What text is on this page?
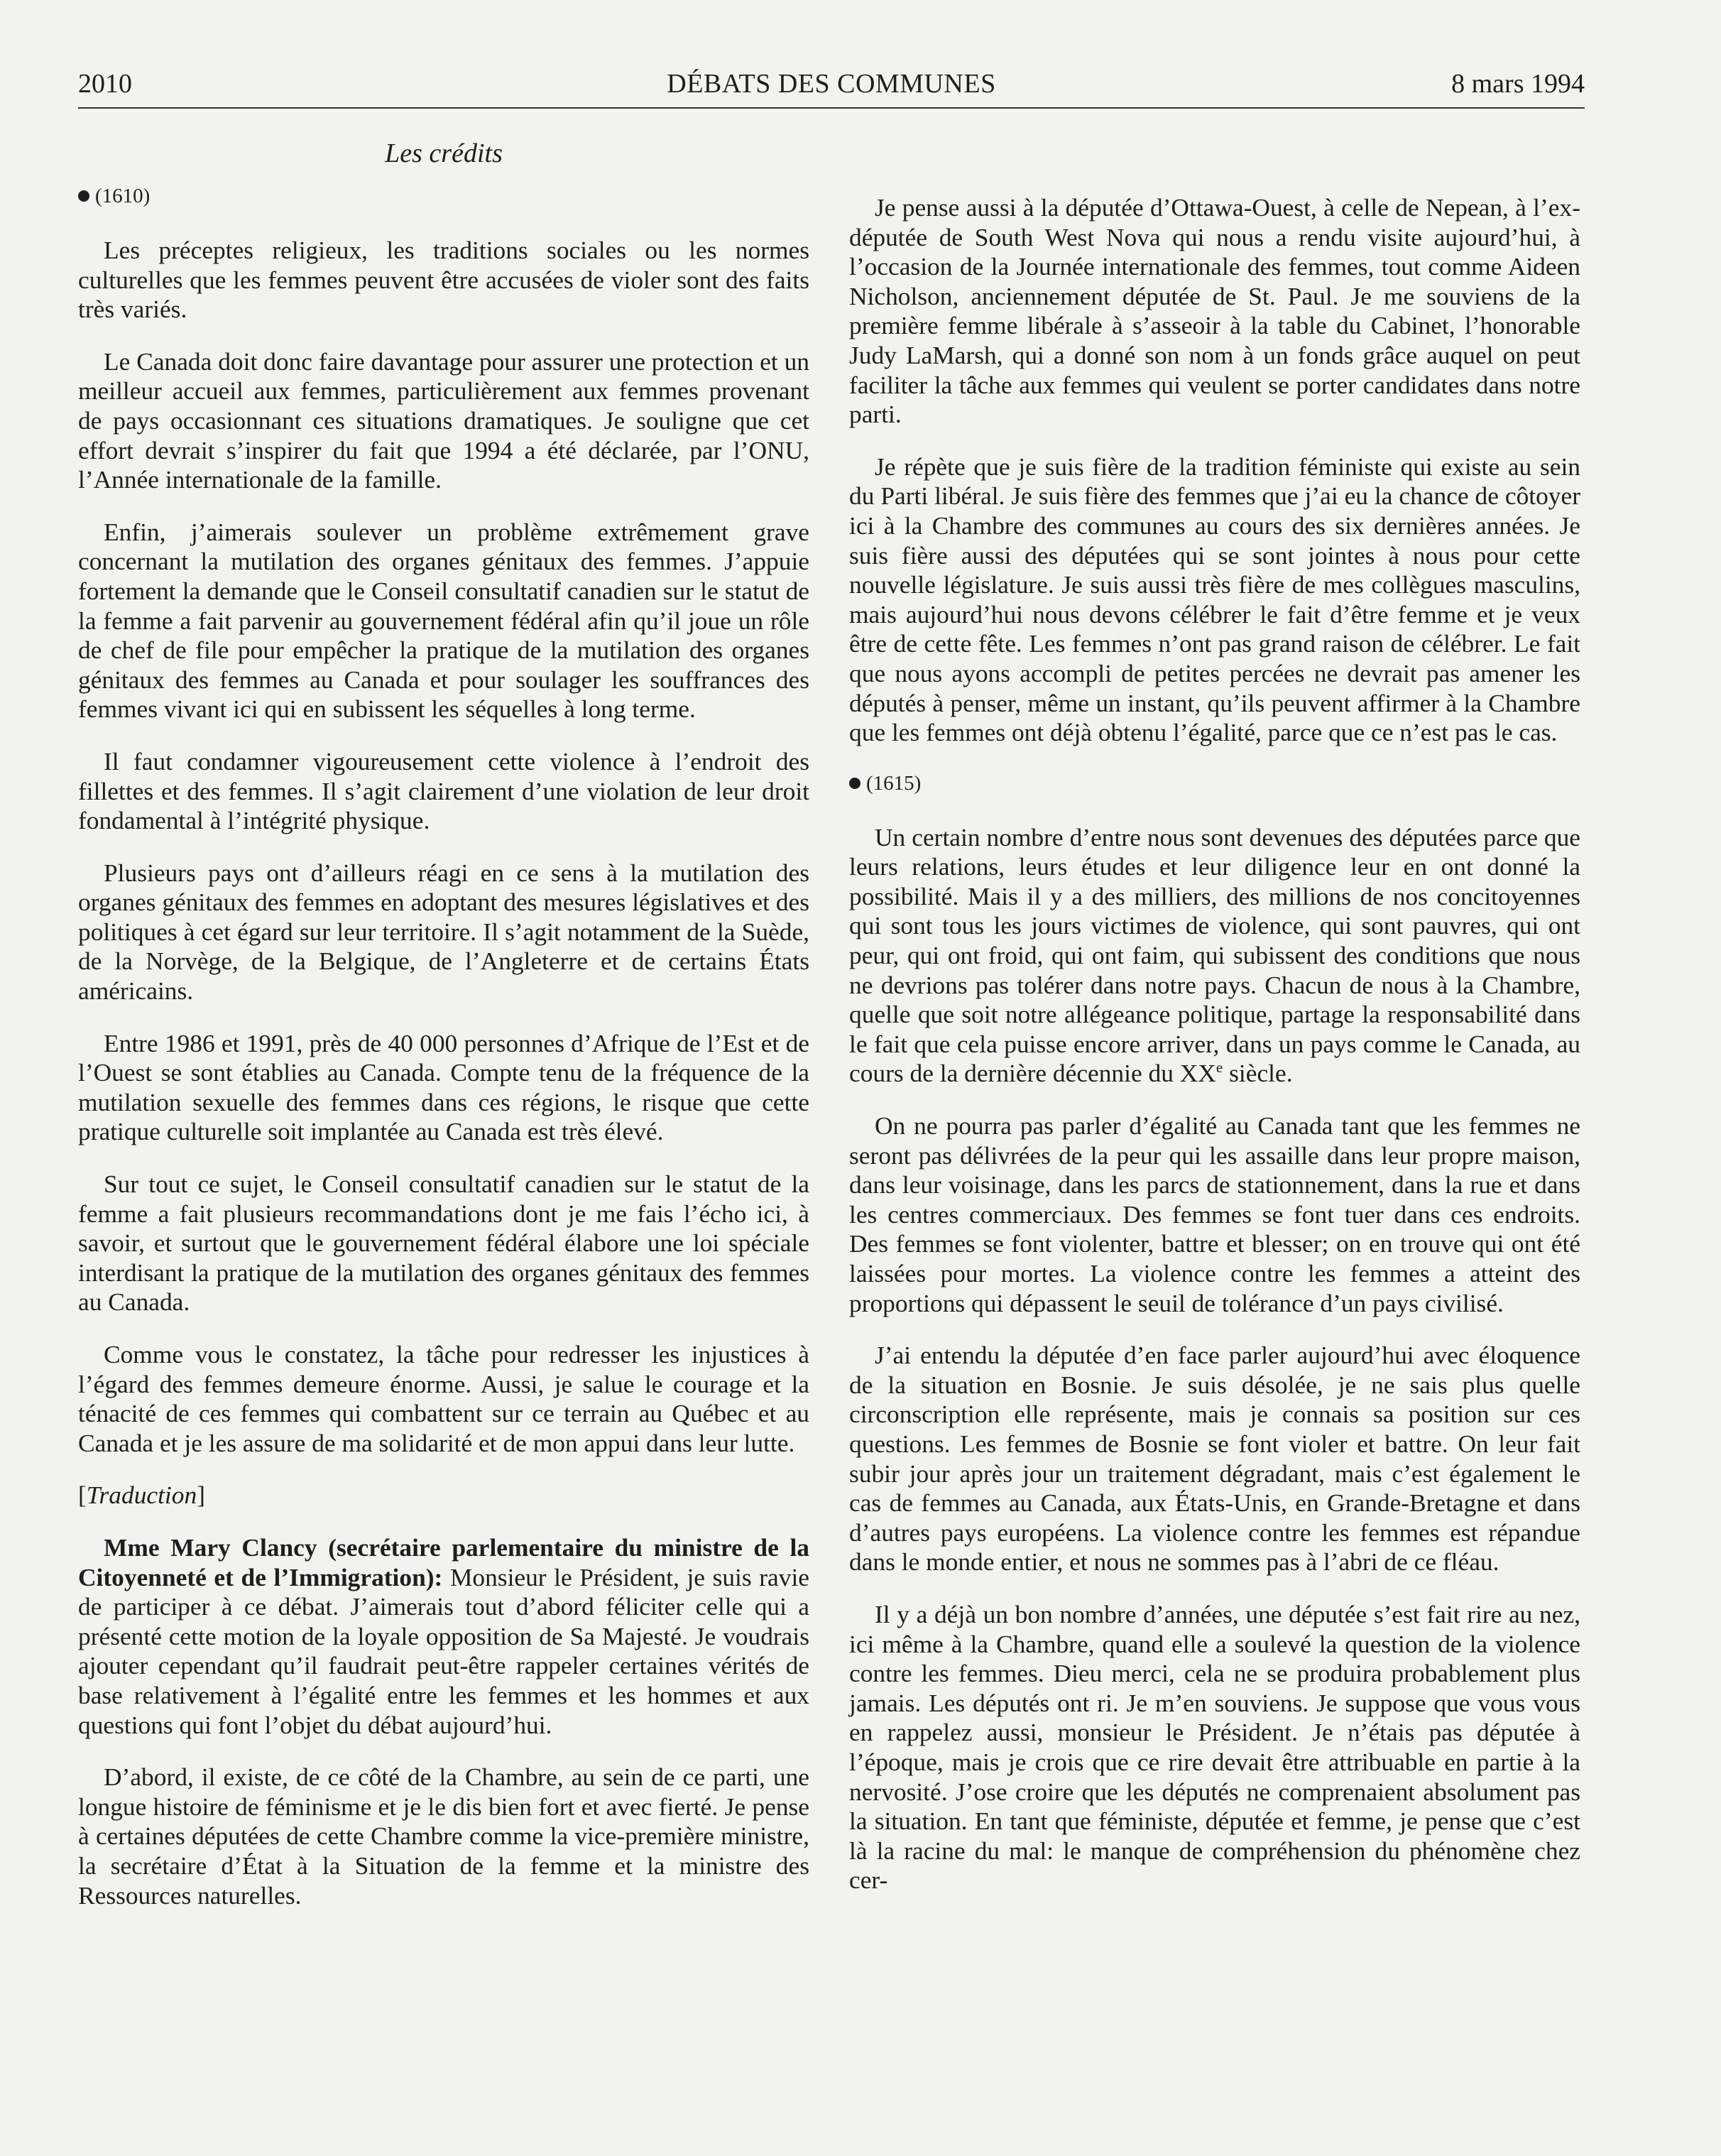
2010	DÉBATS DES COMMUNES	8 mars 1994
Les crédits
(1610)

Les préceptes religieux, les traditions sociales ou les normes culturelles que les femmes peuvent être accusées de violer sont des faits très variés.

Le Canada doit donc faire davantage pour assurer une protection et un meilleur accueil aux femmes, particulièrement aux femmes provenant de pays occasionnant ces situations dramatiques. Je souligne que cet effort devrait s’inspirer du fait que 1994 a été déclarée, par l’ONU, l’Année internationale de la famille.

Enfin, j’aimerais soulever un problème extrêmement grave concernant la mutilation des organes génitaux des femmes. J’appuie fortement la demande que le Conseil consultatif canadien sur le statut de la femme a fait parvenir au gouvernement fédéral afin qu’il joue un rôle de chef de file pour empêcher la pratique de la mutilation des organes génitaux des femmes au Canada et pour soulager les souffrances des femmes vivant ici qui en subissent les séquelles à long terme.

Il faut condamner vigoureusement cette violence à l’endroit des fillettes et des femmes. Il s’agit clairement d’une violation de leur droit fondamental à l’intégrité physique.

Plusieurs pays ont d’ailleurs réagi en ce sens à la mutilation des organes génitaux des femmes en adoptant des mesures législatives et des politiques à cet égard sur leur territoire. Il s’agit notamment de la Suède, de la Norvège, de la Belgique, de l’Angleterre et de certains États américains.

Entre 1986 et 1991, près de 40 000 personnes d’Afrique de l’Est et de l’Ouest se sont établies au Canada. Compte tenu de la fréquence de la mutilation sexuelle des femmes dans ces régions, le risque que cette pratique culturelle soit implantée au Canada est très élevé.

Sur tout ce sujet, le Conseil consultatif canadien sur le statut de la femme a fait plusieurs recommandations dont je me fais l’écho ici, à savoir, et surtout que le gouvernement fédéral élabore une loi spéciale interdisant la pratique de la mutilation des organes génitaux des femmes au Canada.

Comme vous le constatez, la tâche pour redresser les injustices à l’égard des femmes demeure énorme. Aussi, je salue le courage et la ténacité de ces femmes qui combattent sur ce terrain au Québec et au Canada et je les assure de ma solidarité et de mon appui dans leur lutte.

[Traduction]

Mme Mary Clancy (secrétaire parlementaire du ministre de la Citoyenneté et de l’Immigration): Monsieur le Président, je suis ravie de participer à ce débat. J’aimerais tout d’abord féliciter celle qui a présenté cette motion de la loyale opposition de Sa Majesté. Je voudrais ajouter cependant qu’il faudrait peut-être rappeler certaines vérités de base relativement à l’égalité entre les femmes et les hommes et aux questions qui font l’objet du débat aujourd’hui.

D’abord, il existe, de ce côté de la Chambre, au sein de ce parti, une longue histoire de féminisme et je le dis bien fort et avec fierté. Je pense à certaines députées de cette Chambre comme la vice-première ministre, la secrétaire d’État à la Situation de la femme et la ministre des Ressources naturelles.

Je pense aussi à la députée d’Ottawa-Ouest, à celle de Nepean, à l’ex-députée de South West Nova qui nous a rendu visite aujourd’hui, à l’occasion de la Journée internationale des femmes, tout comme Aideen Nicholson, anciennement députée de St. Paul. Je me souviens de la première femme libérale à s’asseoir à la table du Cabinet, l’honorable Judy LaMarsh, qui a donné son nom à un fonds grâce auquel on peut faciliter la tâche aux femmes qui veulent se porter candidates dans notre parti.

Je répète que je suis fière de la tradition féministe qui existe au sein du Parti libéral. Je suis fière des femmes que j’ai eu la chance de côtoyer ici à la Chambre des communes au cours des six dernières années. Je suis fière aussi des députées qui se sont jointes à nous pour cette nouvelle législature. Je suis aussi très fière de mes collègues masculins, mais aujourd’hui nous devons célébrer le fait d’être femme et je veux être de cette fête. Les femmes n’ont pas grand raison de célébrer. Le fait que nous ayons accompli de petites percées ne devrait pas amener les députés à penser, même un instant, qu’ils peuvent affirmer à la Chambre que les femmes ont déjà obtenu l’égalité, parce que ce n’est pas le cas.

(1615)

Un certain nombre d’entre nous sont devenues des députées parce que leurs relations, leurs études et leur diligence leur en ont donné la possibilité. Mais il y a des milliers, des millions de nos concitoyennes qui sont tous les jours victimes de violence, qui sont pauvres, qui ont peur, qui ont froid, qui ont faim, qui subissent des conditions que nous ne devrions pas tolérer dans notre pays. Chacun de nous à la Chambre, quelle que soit notre allégeance politique, partage la responsabilité dans le fait que cela puisse encore arriver, dans un pays comme le Canada, au cours de la dernière décennie du XXe siècle.

On ne pourra pas parler d’égalité au Canada tant que les femmes ne seront pas délivrées de la peur qui les assaille dans leur propre maison, dans leur voisinage, dans les parcs de stationnement, dans la rue et dans les centres commerciaux. Des femmes se font tuer dans ces endroits. Des femmes se font violenter, battre et blesser; on en trouve qui ont été laissées pour mortes. La violence contre les femmes a atteint des proportions qui dépassent le seuil de tolérance d’un pays civilisé.

J’ai entendu la députée d’en face parler aujourd’hui avec éloquence de la situation en Bosnie. Je suis désolée, je ne sais plus quelle circonscription elle représente, mais je connais sa position sur ces questions. Les femmes de Bosnie se font violer et battre. On leur fait subir jour après jour un traitement dégradant, mais c’est également le cas de femmes au Canada, aux États-Unis, en Grande-Bretagne et dans d’autres pays européens. La violence contre les femmes est répandue dans le monde entier, et nous ne sommes pas à l’abri de ce fléau.

Il y a déjà un bon nombre d’années, une députée s’est fait rire au nez, ici même à la Chambre, quand elle a soulevé la question de la violence contre les femmes. Dieu merci, cela ne se produira probablement plus jamais. Les députés ont ri. Je m’en souviens. Je suppose que vous vous en rappelez aussi, monsieur le Président. Je n’étais pas députée à l’époque, mais je crois que ce rire devait être attribuable en partie à la nervosité. J’ose croire que les députés ne comprenaient absolument pas la situation. En tant que féministe, députée et femme, je pense que c’est là la racine du mal: le manque de compréhension du phénomène chez cer-
